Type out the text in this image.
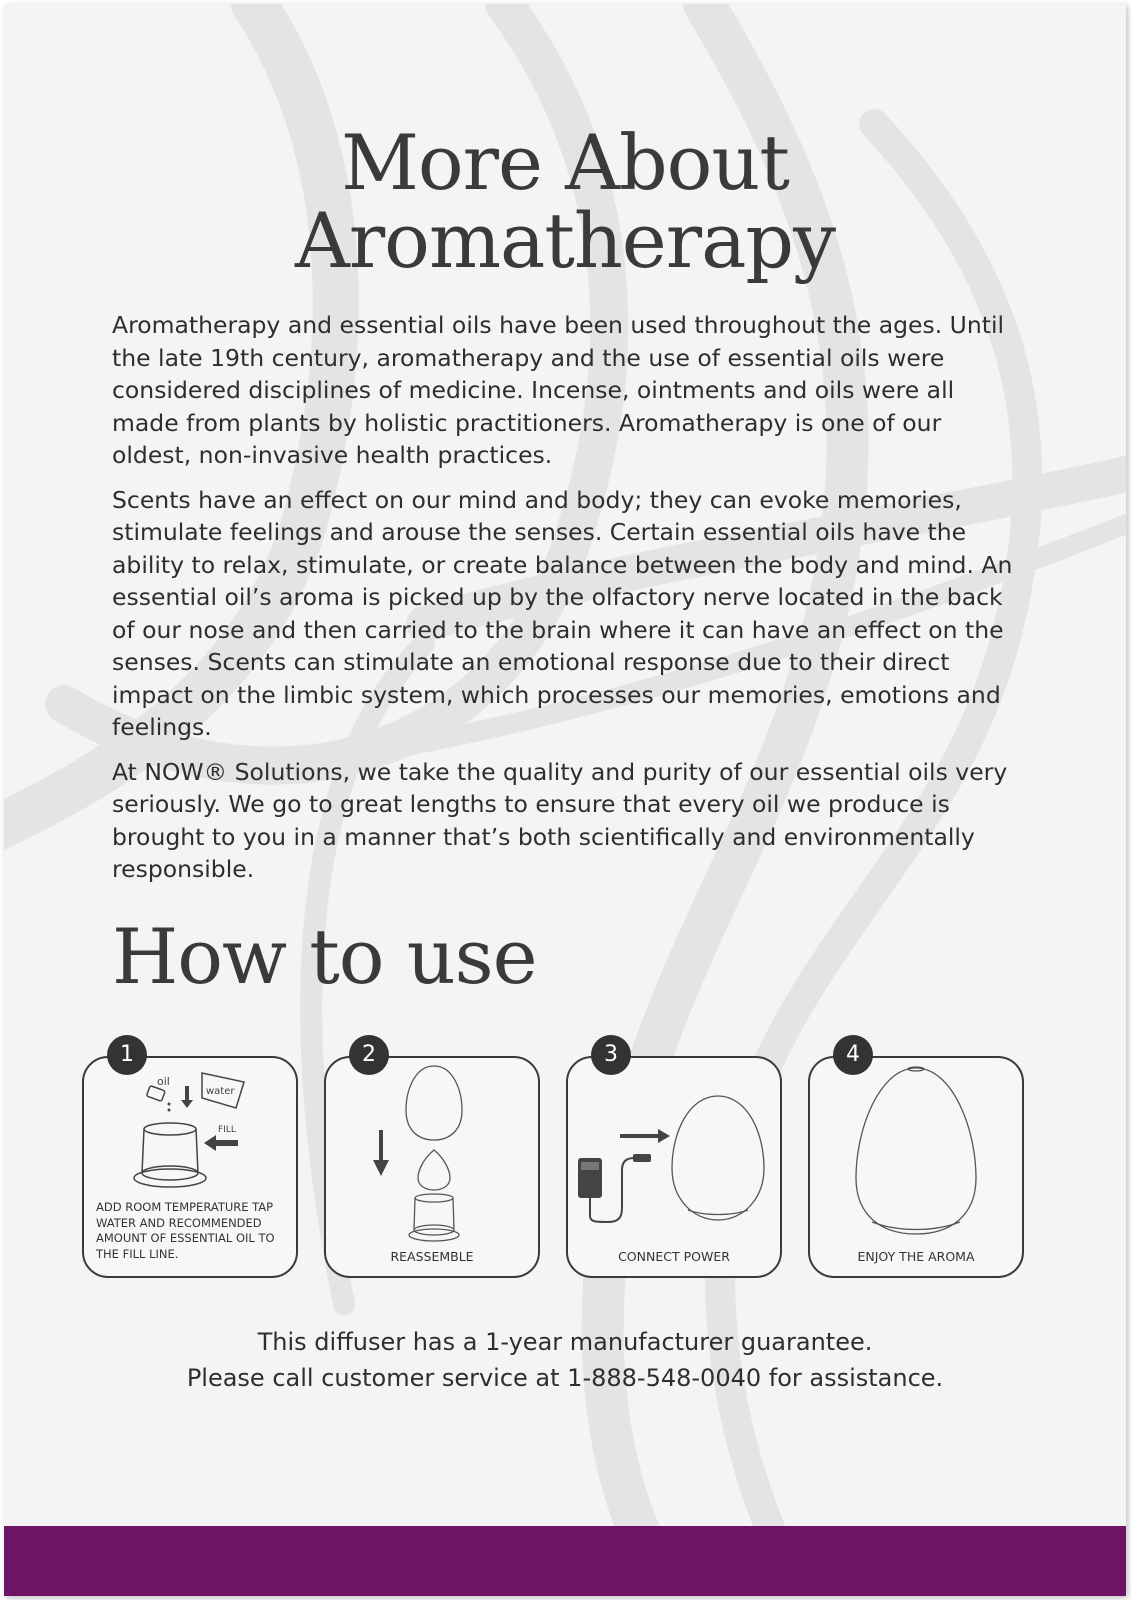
More About
Aromatherapy

Aromatherapy and essential oils have been used throughout the ages. Until the late 19th century, aromatherapy and the use of essential oils were considered disciplines of medicine. Incense, ointments and oils were all made from plants by holistic practitioners. Aromatherapy is one of our oldest, non-invasive health practices.

Scents have an effect on our mind and body; they can evoke memories, stimulate feelings and arouse the senses. Certain essential oils have the ability to relax, stimulate, or create balance between the body and mind. An essential oil’s aroma is picked up by the olfactory nerve located in the back of our nose and then carried to the brain where it can have an effect on the senses. Scents can stimulate an emotional response due to their direct impact on the limbic system, which processes our memories, emotions and feelings.

At NOW® Solutions, we take the quality and purity of our essential oils very seriously. We go to great lengths to ensure that every oil we produce is brought to you in a manner that’s both scientifically and environmentally responsible.

How to use
oil
water
FILL
ADD ROOM TEMPERATURE TAP WATER AND RECOMMENDED AMOUNT OF ESSENTIAL OIL TO THE FILL LINE.
1
REASSEMBLE
2
CONNECT POWER
3
ENJOY THE AROMA
4
This diffuser has a 1-year manufacturer guarantee.
Please call customer service at 1-888-548-0040 for assistance.
